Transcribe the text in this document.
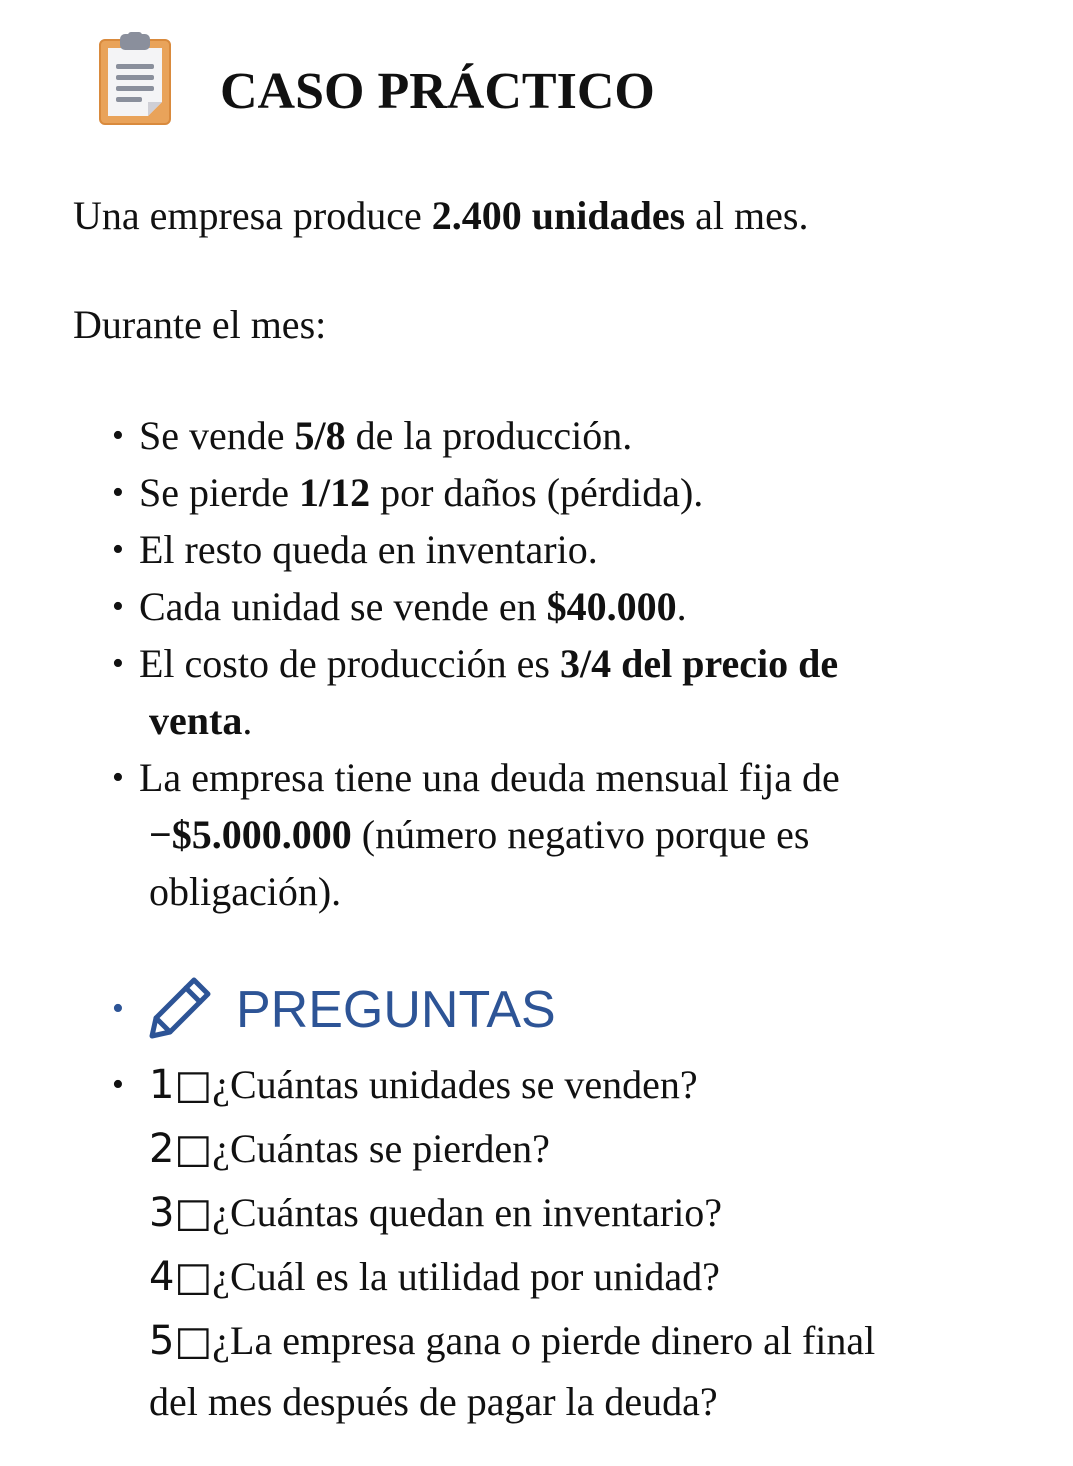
CASO PRÁCTICO
Una empresa produce 2.400 unidades al mes.
Durante el mes:
• Se vende 5/8 de la producción.
• Se pierde 1/12 por daños (pérdida).
• El resto queda en inventario.
• Cada unidad se vende en $40.000.
• El costo de producción es 3/4 del precio de
venta.
• La empresa tiene una deuda mensual fija de
−$5.000.000 (número negativo porque es
obligación).
• PREGUNTAS
• 1□¿Cuántas unidades se venden?
2□¿Cuántas se pierden?
3□¿Cuántas quedan en inventario?
4□¿Cuál es la utilidad por unidad?
5□¿La empresa gana o pierde dinero al final
del mes después de pagar la deuda?
